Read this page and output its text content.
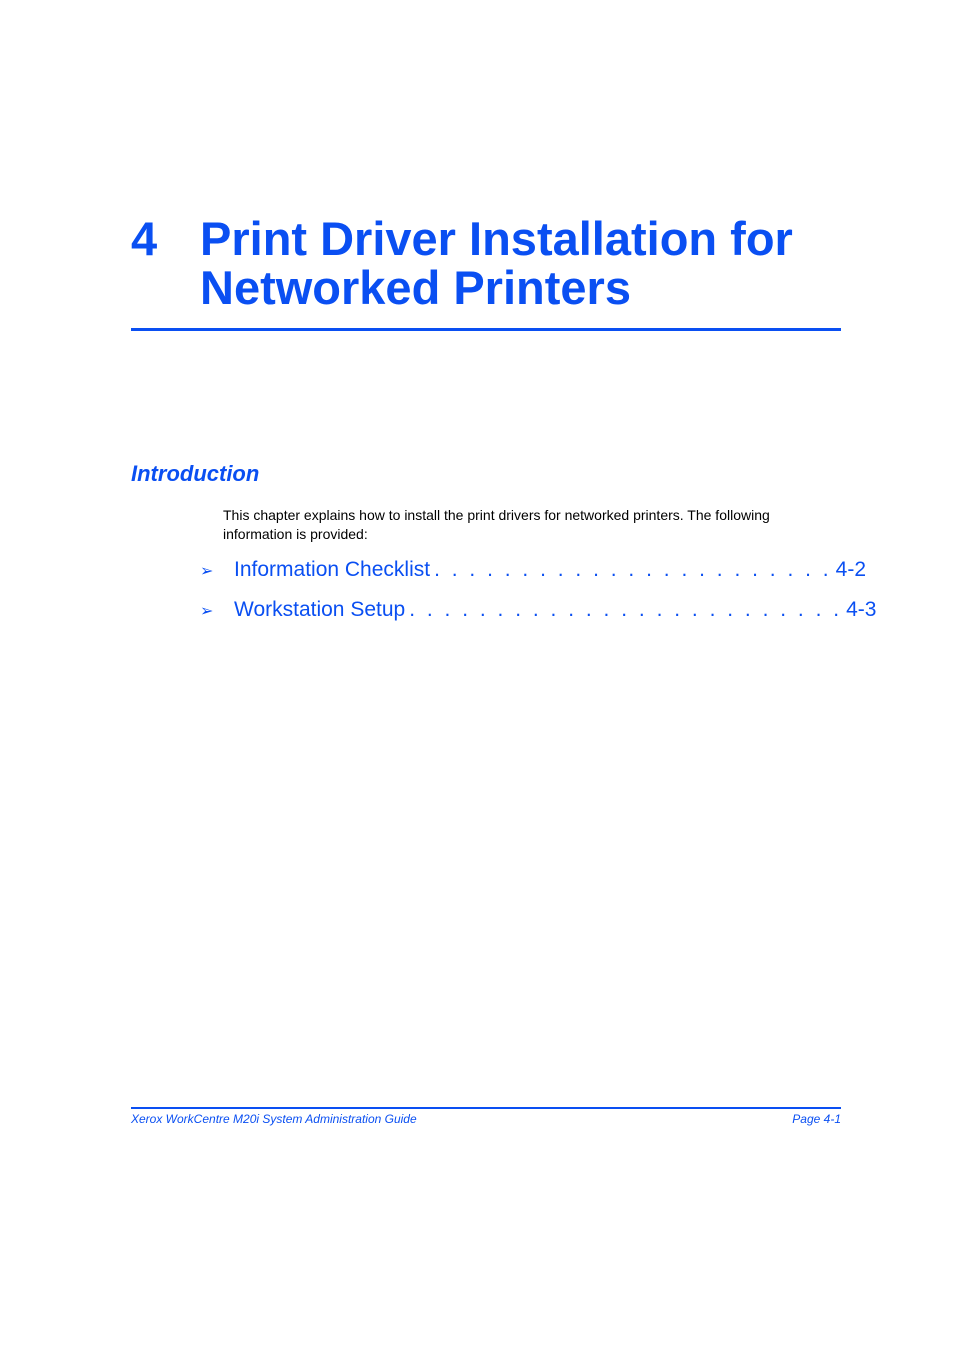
4 Print Driver Installation for Networked Printers
Introduction
This chapter explains how to install the print drivers for networked printers. The following information is provided:
➢ Information Checklist . . . . . . . . . . . . . . . . . . . . . . . 4-2
➢ Workstation Setup . . . . . . . . . . . . . . . . . . . . . . . . . 4-3
Xerox WorkCentre M20i System Administration Guide	Page 4-1
